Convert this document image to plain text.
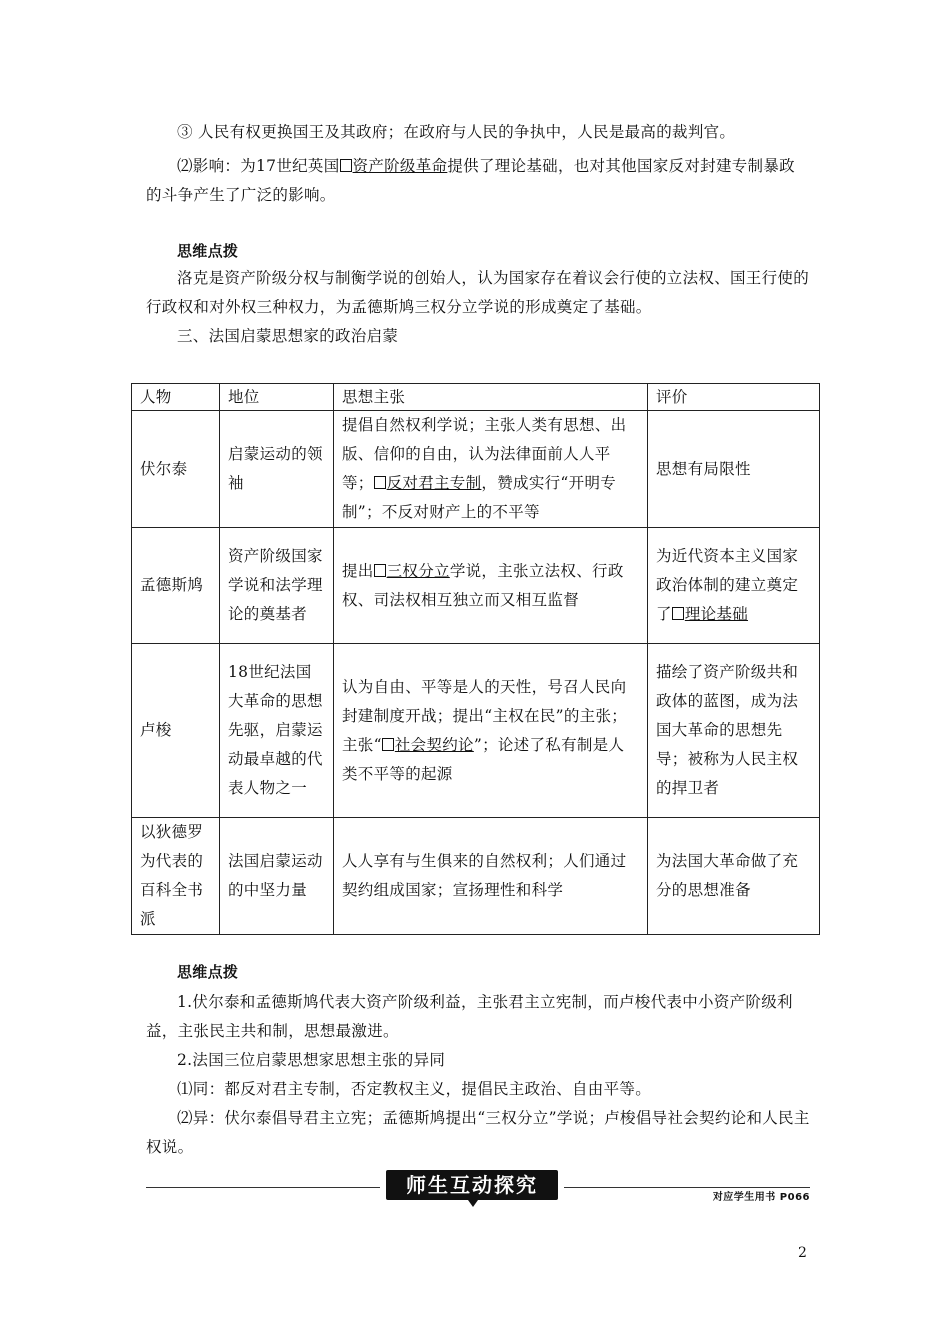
③ 人民有权更换国王及其政府；在政府与人民的争执中，人民是最高的裁判官。

⑵影响：为17世纪英国 资产阶级革命提供了理论基础，也对其他国家反对封建专制暴政的斗争产生了广泛的影响。

思维点拨

洛克是资产阶级分权与制衡学说的创始人，认为国家存在着议会行使的立法权、国王行使的行政权和对外权三种权力，为孟德斯鸠三权分立学说的形成奠定了基础。

三、法国启蒙思想家的政治启蒙

人物	地位	思想主张	评价
伏尔泰	启蒙运动的领袖	提倡自然权利学说；主张人类有思想、出版、信仰的自由，认为法律面前人人平等； 反对君主专制，赞成实行“开明专制”；不反对财产上的不平等	思想有局限性
孟德斯鸠	资产阶级国家学说和法学理论的奠基者	提出 三权分立学说，主张立法权、行政权、司法权相互独立而又相互监督	为近代资本主义国家政治体制的建立奠定了 理论基础
卢梭	18世纪法国大革命的思想先驱，启蒙运动最卓越的代表人物之一	认为自由、平等是人的天性，号召人民向封建制度开战；提出“主权在民”的主张；主张“ 社会契约论”；论述了私有制是人类不平等的起源	描绘了资产阶级共和政体的蓝图，成为法国大革命的思想先导；被称为人民主权的捍卫者
以狄德罗为代表的百科全书派	法国启蒙运动的中坚力量	人人享有与生俱来的自然权利；人们通过契约组成国家；宣扬理性和科学	为法国大革命做了充分的思想准备

思维点拨

1.伏尔泰和孟德斯鸠代表大资产阶级利益，主张君主立宪制，而卢梭代表中小资产阶级利益，主张民主共和制，思想最激进。

2.法国三位启蒙思想家思想主张的异同

⑴同：都反对君主专制，否定教权主义，提倡民主政治、自由平等。

⑵异：伏尔泰倡导君主立宪；孟德斯鸠提出“三权分立”学说；卢梭倡导社会契约论和人民主权说。

师生互动探究
对应学生用书 P066
2
